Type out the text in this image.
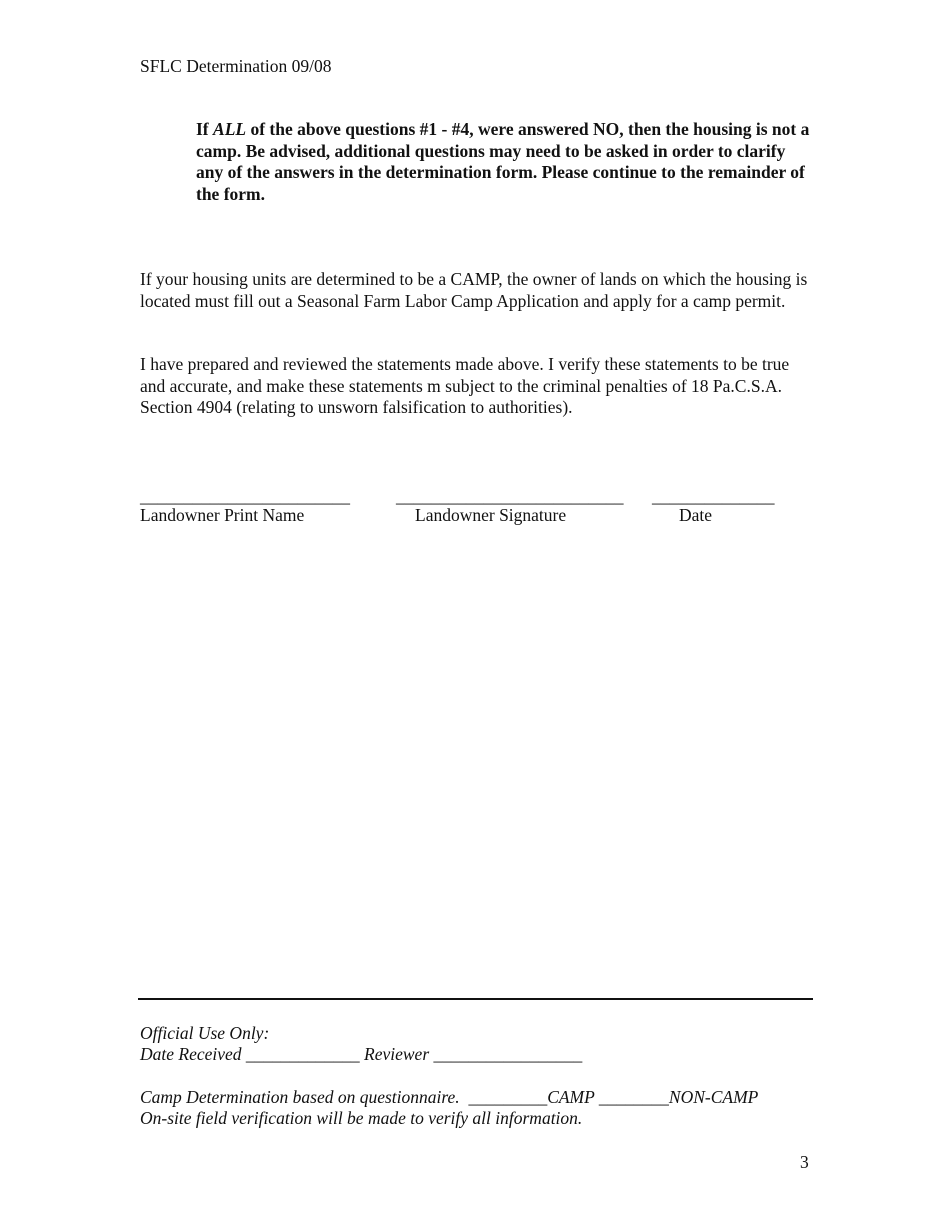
SFLC Determination 09/08
If ALL of the above questions #1 - #4, were answered NO, then the housing is not a camp. Be advised, additional questions may need to be asked in order to clarify any of the answers in the determination form. Please continue to the remainder of the form.
If your housing units are determined to be a CAMP, the owner of lands on which the housing is located must fill out a Seasonal Farm Labor Camp Application and apply for a camp permit.
I have prepared and reviewed the statements made above. I verify these statements to be true and accurate, and make these statements m subject to the criminal penalties of 18 Pa.C.S.A. Section 4904 (relating to unsworn falsification to authorities).
________________________	__________________________ ______________
Landowner Print Name	Landowner Signature	Date
Official Use Only:
Date Received _____________ Reviewer _________________
Camp Determination based on questionnaire. _________CAMP ________NON-CAMP
On-site field verification will be made to verify all information.
3
